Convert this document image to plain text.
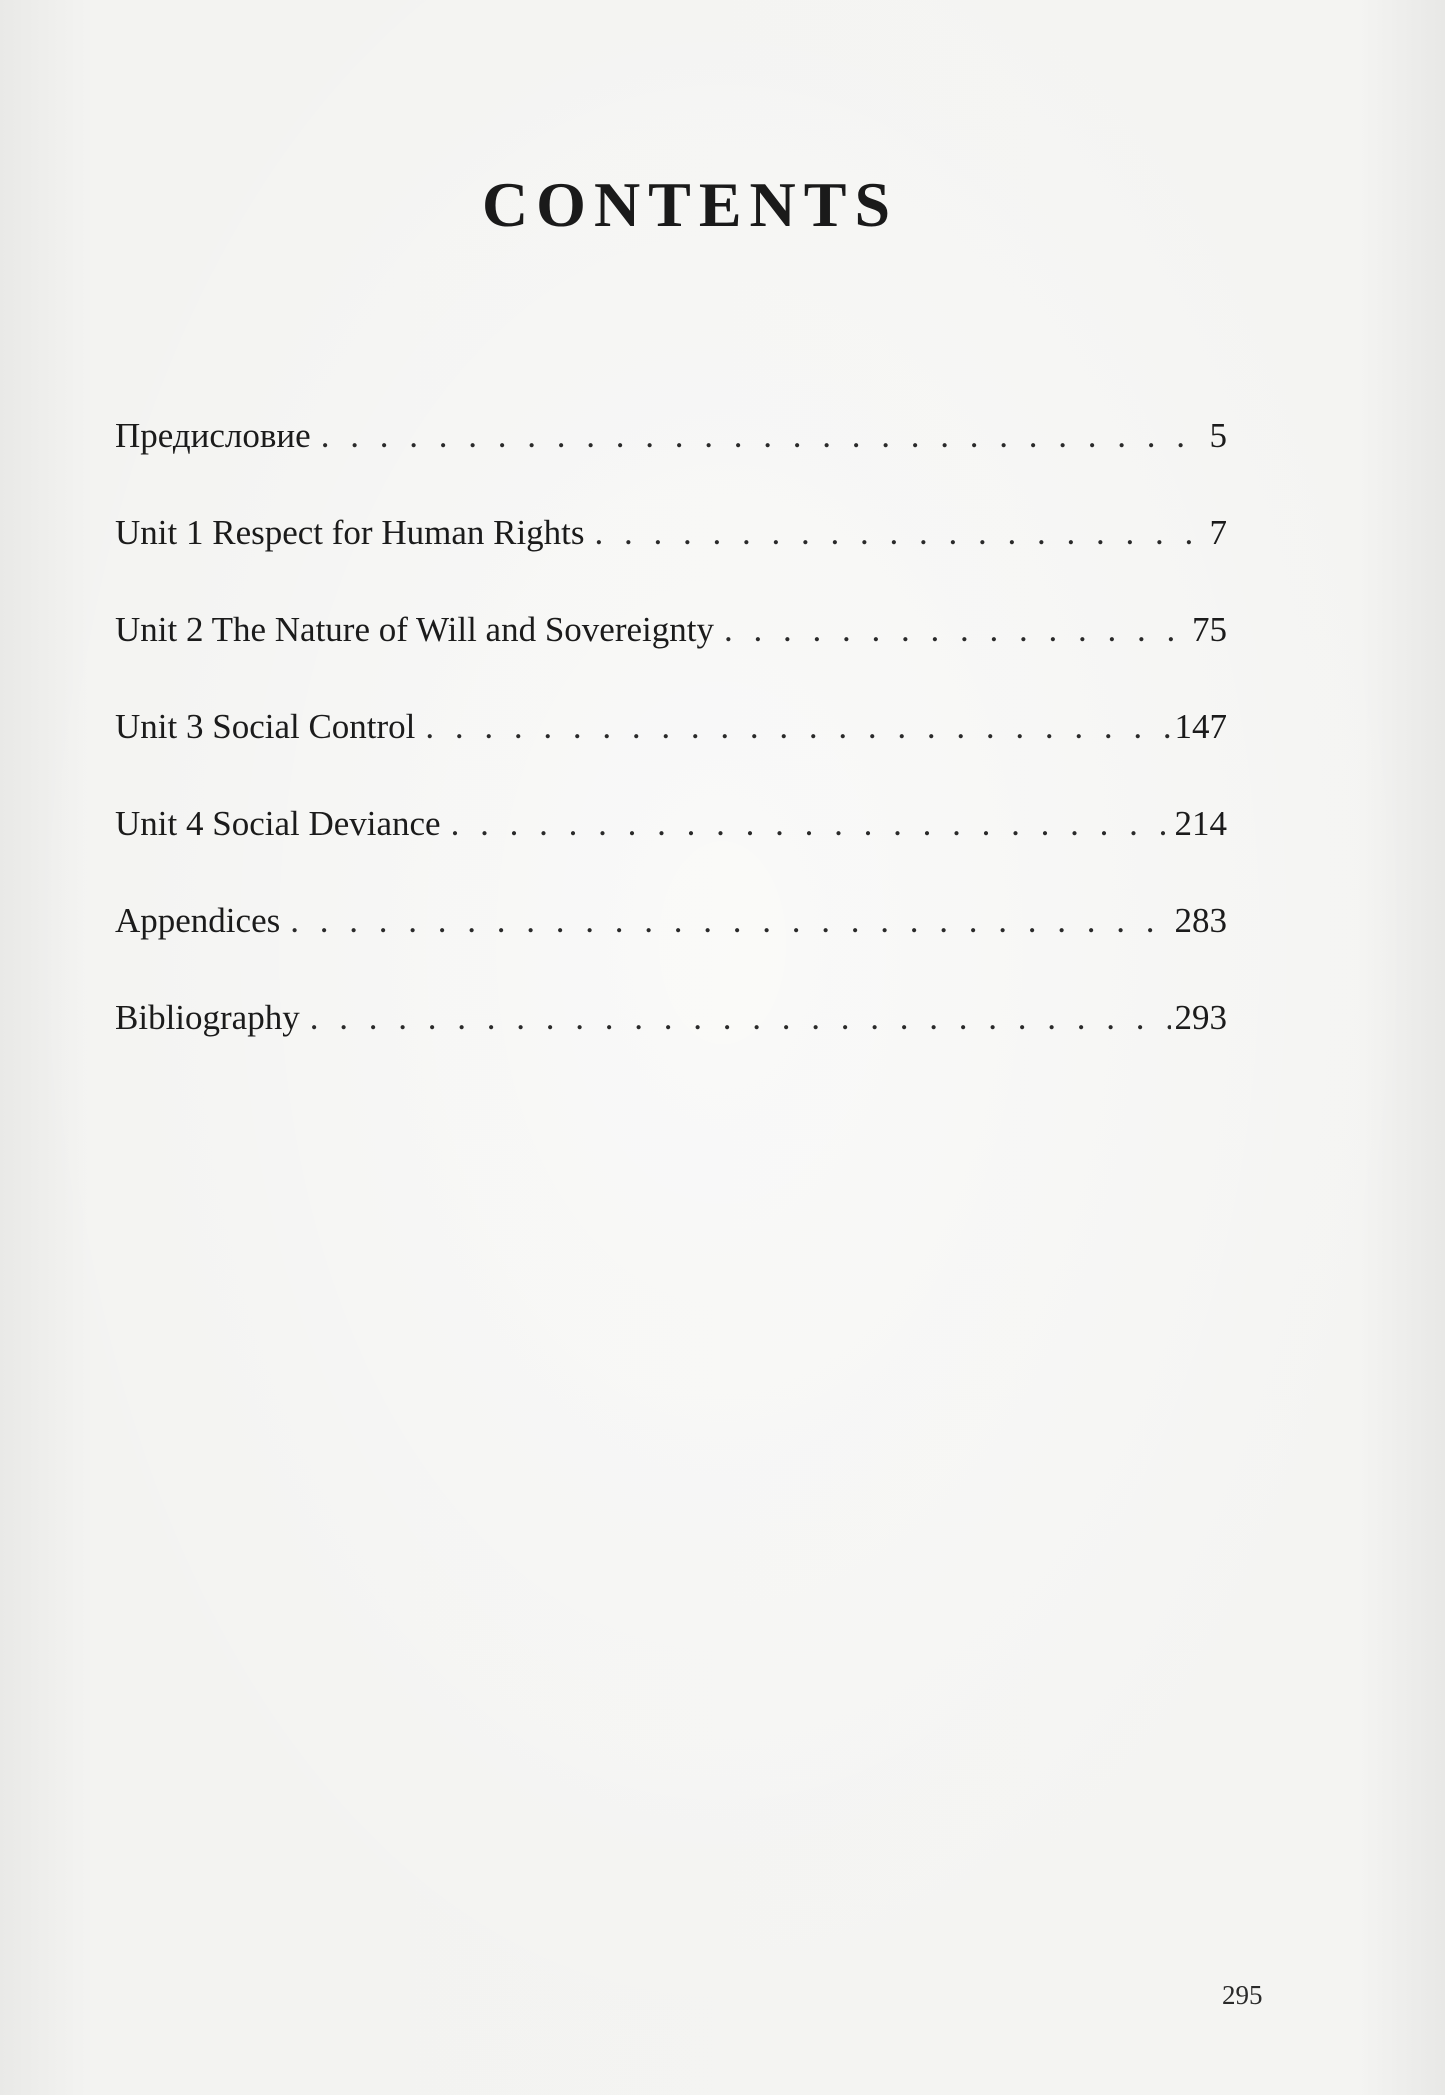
CONTENTS
Предисловие . . .	5
Unit 1 Respect for Human Rights . . .	7
Unit 2 The Nature of Will and Sovereignty . . .	75
Unit 3 Social Control . . .	147
Unit 4 Social Deviance . . .	214
Appendices . . .	283
Bibliography . . .	293
295
